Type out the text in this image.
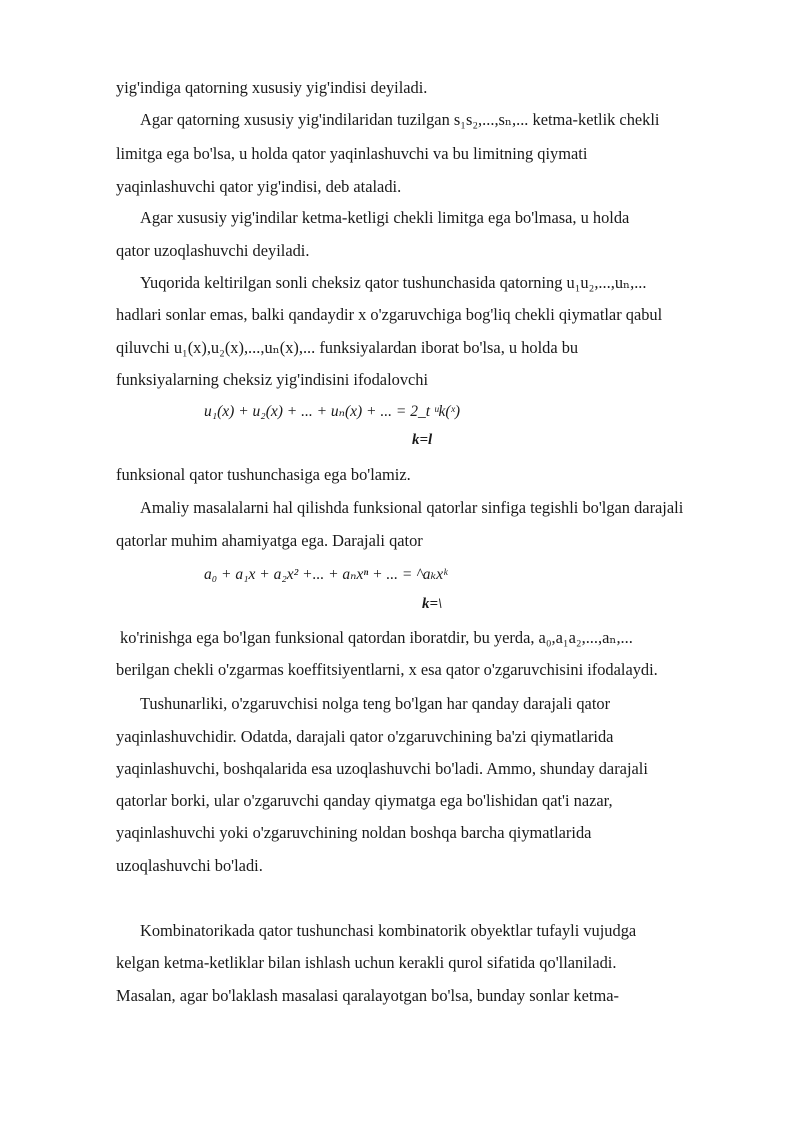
yig'indiga qatorning xususiy yig'indisi deyiladi.
Agar qatorning xususiy yig'indilaridan tuzilgan s₁s₂,...,sₙ,... ketma-ketlik chekli
limitga ega bo'lsa, u holda qator yaqinlashuvchi va bu limitning qiymati
yaqinlashuvchi qator yig'indisi, deb ataladi.
Agar xususiy yig'indilar ketma-ketligi chekli limitga ega bo'lmasa, u holda
qator uzoqlashuvchi deyiladi.
Yuqorida keltirilgan sonli cheksiz qator tushunchasida qatorning u₁u₂,...,uₙ,...
hadlari sonlar emas, balki qandaydir x o'zgaruvchiga bog'liq chekli qiymatlar qabul
qiluvchi u₁(x),u₂(x),...,uₙ(x),... funksiyalardan iborat bo'lsa, u holda bu
funksiyalarning cheksiz yig'indisini ifodalovchi
u₁(x) + u₂(x) + ... + uₙ(x) + ... = 2_t ᵘk(ˣ)
k=l
funksional qator tushunchasiga ega bo'lamiz.
Amaliy masalalarni hal qilishda funksional qatorlar sinfiga tegishli bo'lgan darajali
qatorlar muhim ahamiyatga ega. Darajali qator
a₀ + a₁x + a₂x² +... + aₙxⁿ + ... = ^aₖxᵏ
k=\
ko'rinishga ega bo'lgan funksional qatordan iboratdir, bu yerda, a₀,a₁a₂,...,aₙ,...
berilgan chekli o'zgarmas koeffitsiyentlarni, x esa qator o'zgaruvchisini ifodalaydi.
Tushunarliki, o'zgaruvchisi nolga teng bo'lgan har qanday darajali qator
yaqinlashuvchidir. Odatda, darajali qator o'zgaruvchining ba'zi qiymatlarida
yaqinlashuvchi, boshqalarida esa uzoqlashuvchi bo'ladi. Ammo, shunday darajali
qatorlar borki, ular o'zgaruvchi qanday qiymatga ega bo'lishidan qat'i nazar,
yaqinlashuvchi yoki o'zgaruvchining noldan boshqa barcha qiymatlarida
uzoqlashuvchi bo'ladi.
Kombinatorikada qator tushunchasi kombinatorik obyektlar tufayli vujudga
kelgan ketma-ketliklar bilan ishlash uchun kerakli qurol sifatida qo'llaniladi.
Masalan, agar bo'laklash masalasi qaralayotgan bo'lsa, bunday sonlar ketma-
